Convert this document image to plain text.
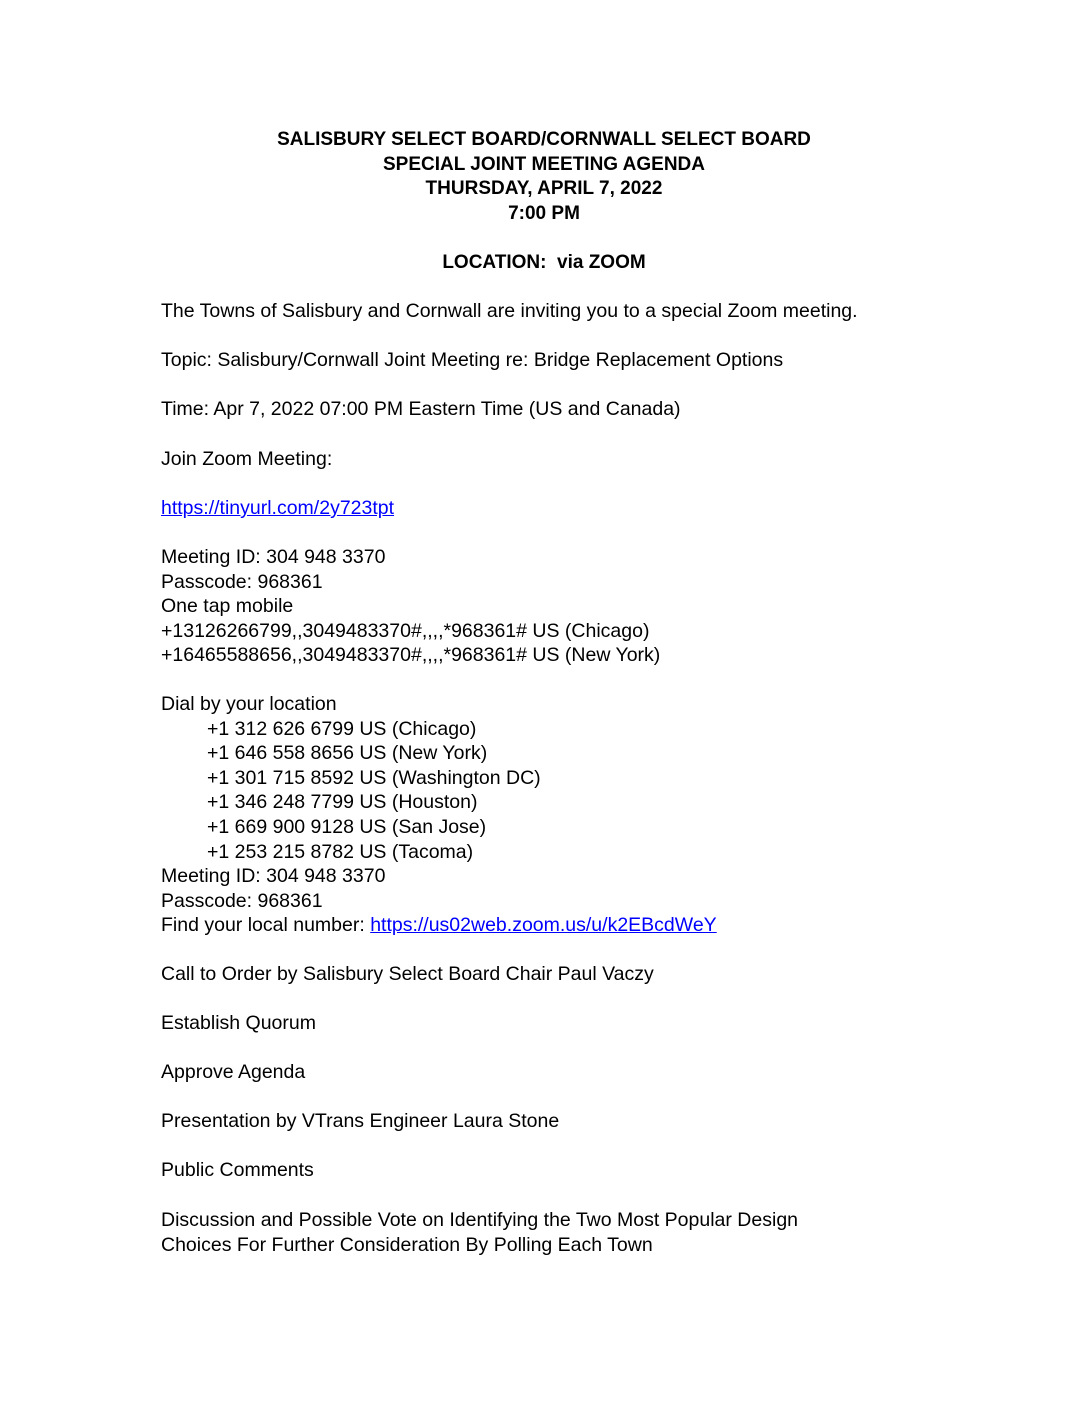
SALISBURY SELECT BOARD/CORNWALL SELECT BOARD
SPECIAL JOINT MEETING AGENDA
THURSDAY, APRIL 7, 2022
7:00 PM
LOCATION:  via ZOOM
The Towns of Salisbury and Cornwall are inviting you to a special Zoom meeting.
Topic: Salisbury/Cornwall Joint Meeting re: Bridge Replacement Options
Time: Apr 7, 2022 07:00 PM Eastern Time (US and Canada)
Join Zoom Meeting:
https://tinyurl.com/2y723tpt
Meeting ID: 304 948 3370
Passcode: 968361
One tap mobile
+13126266799,,3049483370#,,,,*968361# US (Chicago)
+16465588656,,3049483370#,,,,*968361# US (New York)
Dial by your location
+1 312 626 6799 US (Chicago)
+1 646 558 8656 US (New York)
+1 301 715 8592 US (Washington DC)
+1 346 248 7799 US (Houston)
+1 669 900 9128 US (San Jose)
+1 253 215 8782 US (Tacoma)
Meeting ID: 304 948 3370
Passcode: 968361
Find your local number: https://us02web.zoom.us/u/k2EBcdWeY
Call to Order by Salisbury Select Board Chair Paul Vaczy
Establish Quorum
Approve Agenda
Presentation by VTrans Engineer Laura Stone
Public Comments
Discussion and Possible Vote on Identifying the Two Most Popular Design
Choices For Further Consideration By Polling Each Town
